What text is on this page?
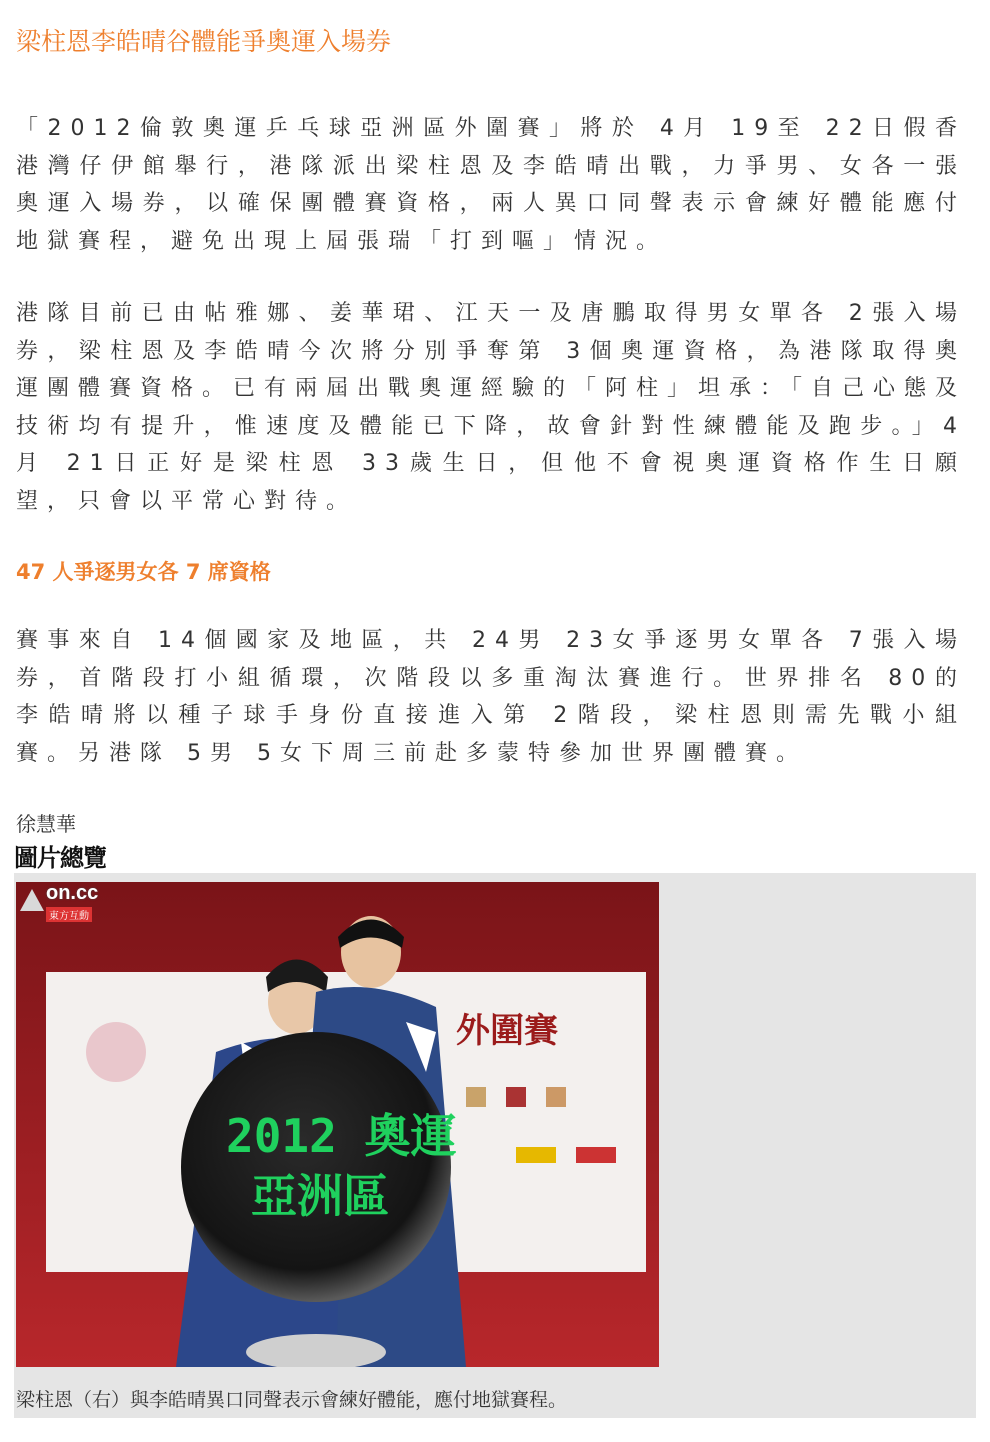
梁柱恩李皓晴谷體能爭奧運入場券
「2012倫敦奧運乒乓球亞洲區外圍賽」將於 4月 19至 22日假香港灣仔伊館舉行，港隊派出梁柱恩及李皓晴出戰，力爭男、女各一張奧運入場券，以確保團體賽資格，兩人異口同聲表示會練好體能應付地獄賽程，避免出現上屆張瑞「打到嘔」情況。
港隊目前已由帖雅娜、姜華珺、江天一及唐鵬取得男女單各 2張入場券，梁柱恩及李皓晴今次將分別爭奪第 3個奧運資格，為港隊取得奧運團體賽資格。已有兩屆出戰奧運經驗的「阿柱」坦承：「自己心態及技術均有提升，惟速度及體能已下降，故會針對性練體能及跑步。」4月 21日正好是梁柱恩 33歲生日，但他不會視奧運資格作生日願望，只會以平常心對待。
47 人爭逐男女各 7 席資格
賽事來自 14個國家及地區，共 24男 23女爭逐男女單各 7張入場券，首階段打小組循環，次階段以多重淘汰賽進行。世界排名 80的李皓晴將以種子球手身份直接進入第 2階段，梁柱恩則需先戰小組賽。另港隊 5男 5女下周三前赴多蒙特參加世界團體賽。
徐慧華
圖片總覽
2012 奧運
亞洲區
外圍賽
on.cc
東方互動
梁柱恩（右）與李皓晴異口同聲表示會練好體能，應付地獄賽程。
